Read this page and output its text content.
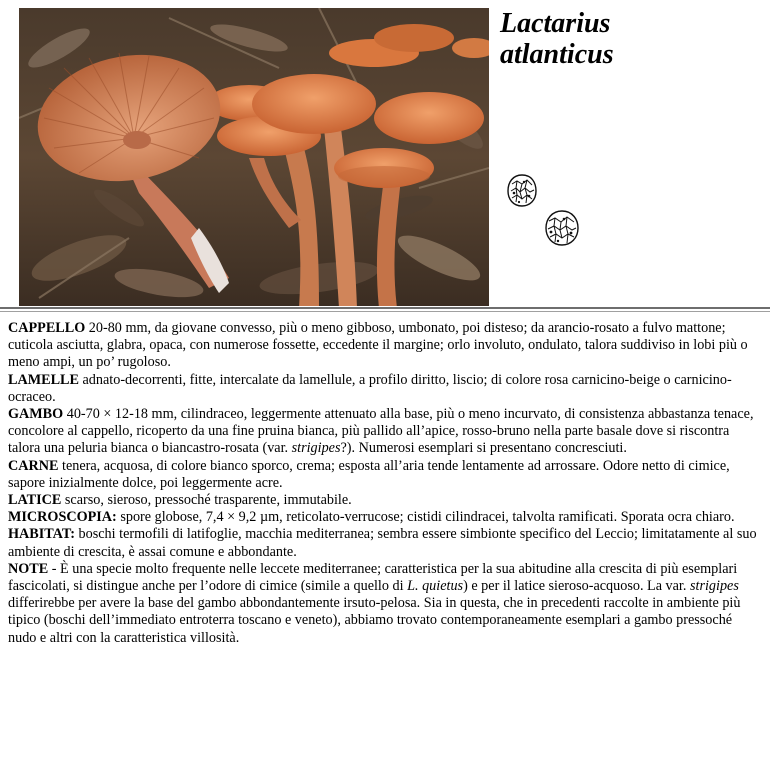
Lactarius
atlanticus

CAPPELLO 20-80 mm, da giovane convesso, più o meno gibboso, umbonato, poi disteso; da arancio-rosato a fulvo mattone; cuticola asciutta, glabra, opaca, con numerose fossette, eccedente il margine; orlo involuto, ondulato, talora suddiviso in lobi più o meno ampi, un po’ rugoloso.

LAMELLE adnato-decorrenti, fitte, intercalate da lamellule, a profilo diritto, liscio; di colore rosa carnicino-beige o carnicino-ocraceo.

GAMBO 40-70 × 12-18 mm, cilindraceo, leggermente attenuato alla base, più o meno incurvato, di consistenza abbastanza tenace, concolore al cappello, ricoperto da una fine pruina bianca, più pallido all’apice, rosso-bruno nella parte basale dove si riscontra talora una peluria bianca o biancastro-rosata (var. strigipes?). Numerosi esemplari si presentano concresciuti.

CARNE tenera, acquosa, di colore bianco sporco, crema; esposta all’aria tende lentamente ad arrossare. Odore netto di cimice, sapore inizialmente dolce, poi leggermente acre.

LATICE scarso, sieroso, pressoché trasparente, immutabile.

MICROSCOPIA: spore globose, 7,4 × 9,2 µm, reticolato-verrucose; cistidi cilindracei, talvolta ramificati. Sporata ocra chiaro.

HABITAT: boschi termofili di latifoglie, macchia mediterranea; sembra essere simbionte specifico del Leccio; limitatamente al suo ambiente di crescita, è assai comune e abbondante.

NOTE - È una specie molto frequente nelle leccete mediterranee; caratteristica per la sua abitudine alla crescita di più esemplari fascicolati, si distingue anche per l’odore di cimice (simile a quello di L. quietus) e per il latice sieroso-acquoso. La var. strigipes differirebbe per avere la base del gambo abbondantemente irsuto-pelosa. Sia in questa, che in precedenti raccolte in ambiente più tipico (boschi dell’immediato entroterra toscano e veneto), abbiamo trovato contemporaneamente esemplari a gambo pressoché nudo e altri con la caratteristica villosità.
